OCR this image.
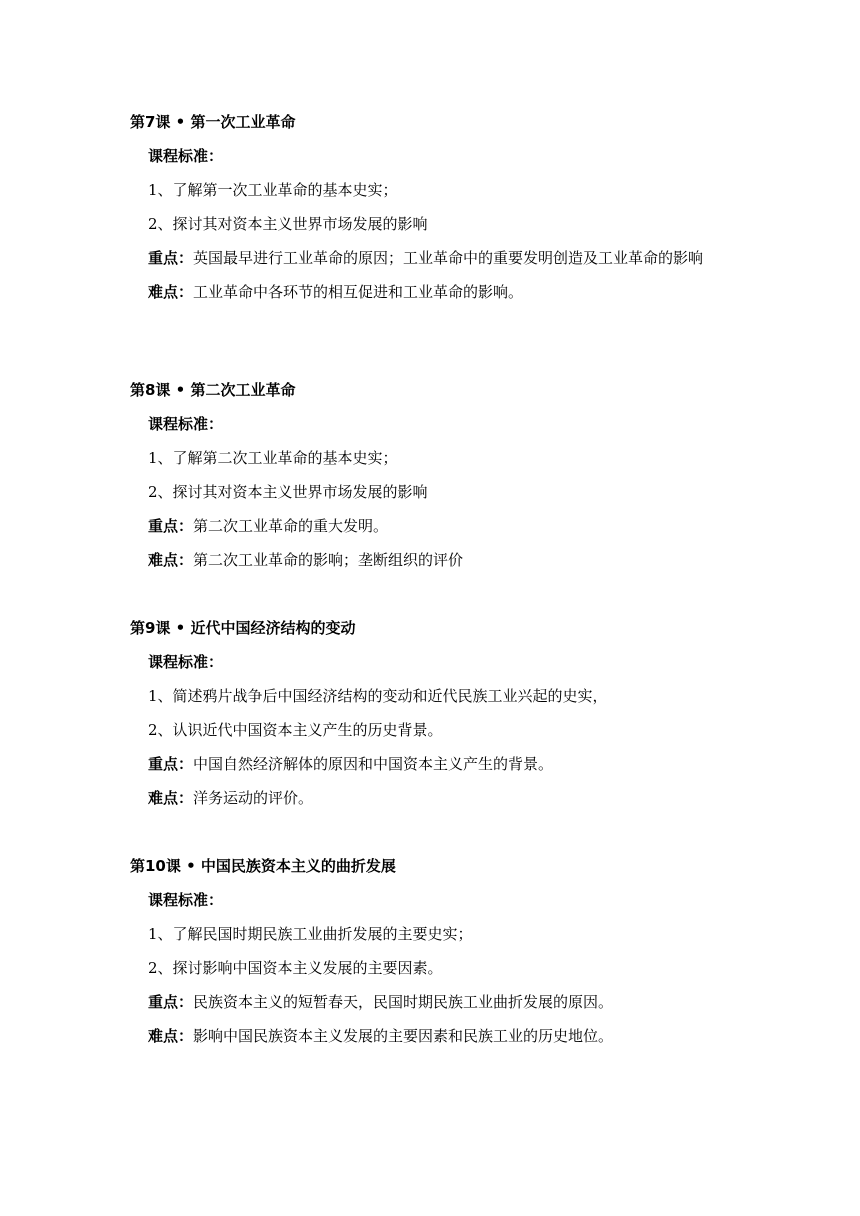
第7课 • 第一次工业革命
课程标准：
1、了解第一次工业革命的基本史实；
2、探讨其对资本主义世界市场发展的影响
重点：英国最早进行工业革命的原因；工业革命中的重要发明创造及工业革命的影响
难点：工业革命中各环节的相互促进和工业革命的影响。
第8课 • 第二次工业革命
课程标准：
1、了解第二次工业革命的基本史实；
2、探讨其对资本主义世界市场发展的影响
重点：第二次工业革命的重大发明。
难点：第二次工业革命的影响；垄断组织的评价
第9课 • 近代中国经济结构的变动
课程标准：
1、简述鸦片战争后中国经济结构的变动和近代民族工业兴起的史实，
2、认识近代中国资本主义产生的历史背景。
重点：中国自然经济解体的原因和中国资本主义产生的背景。
难点：洋务运动的评价。
第10课 • 中国民族资本主义的曲折发展
课程标准：
1、了解民国时期民族工业曲折发展的主要史实；
2、探讨影响中国资本主义发展的主要因素。
重点：民族资本主义的短暂春天，民国时期民族工业曲折发展的原因。
难点：影响中国民族资本主义发展的主要因素和民族工业的历史地位。
